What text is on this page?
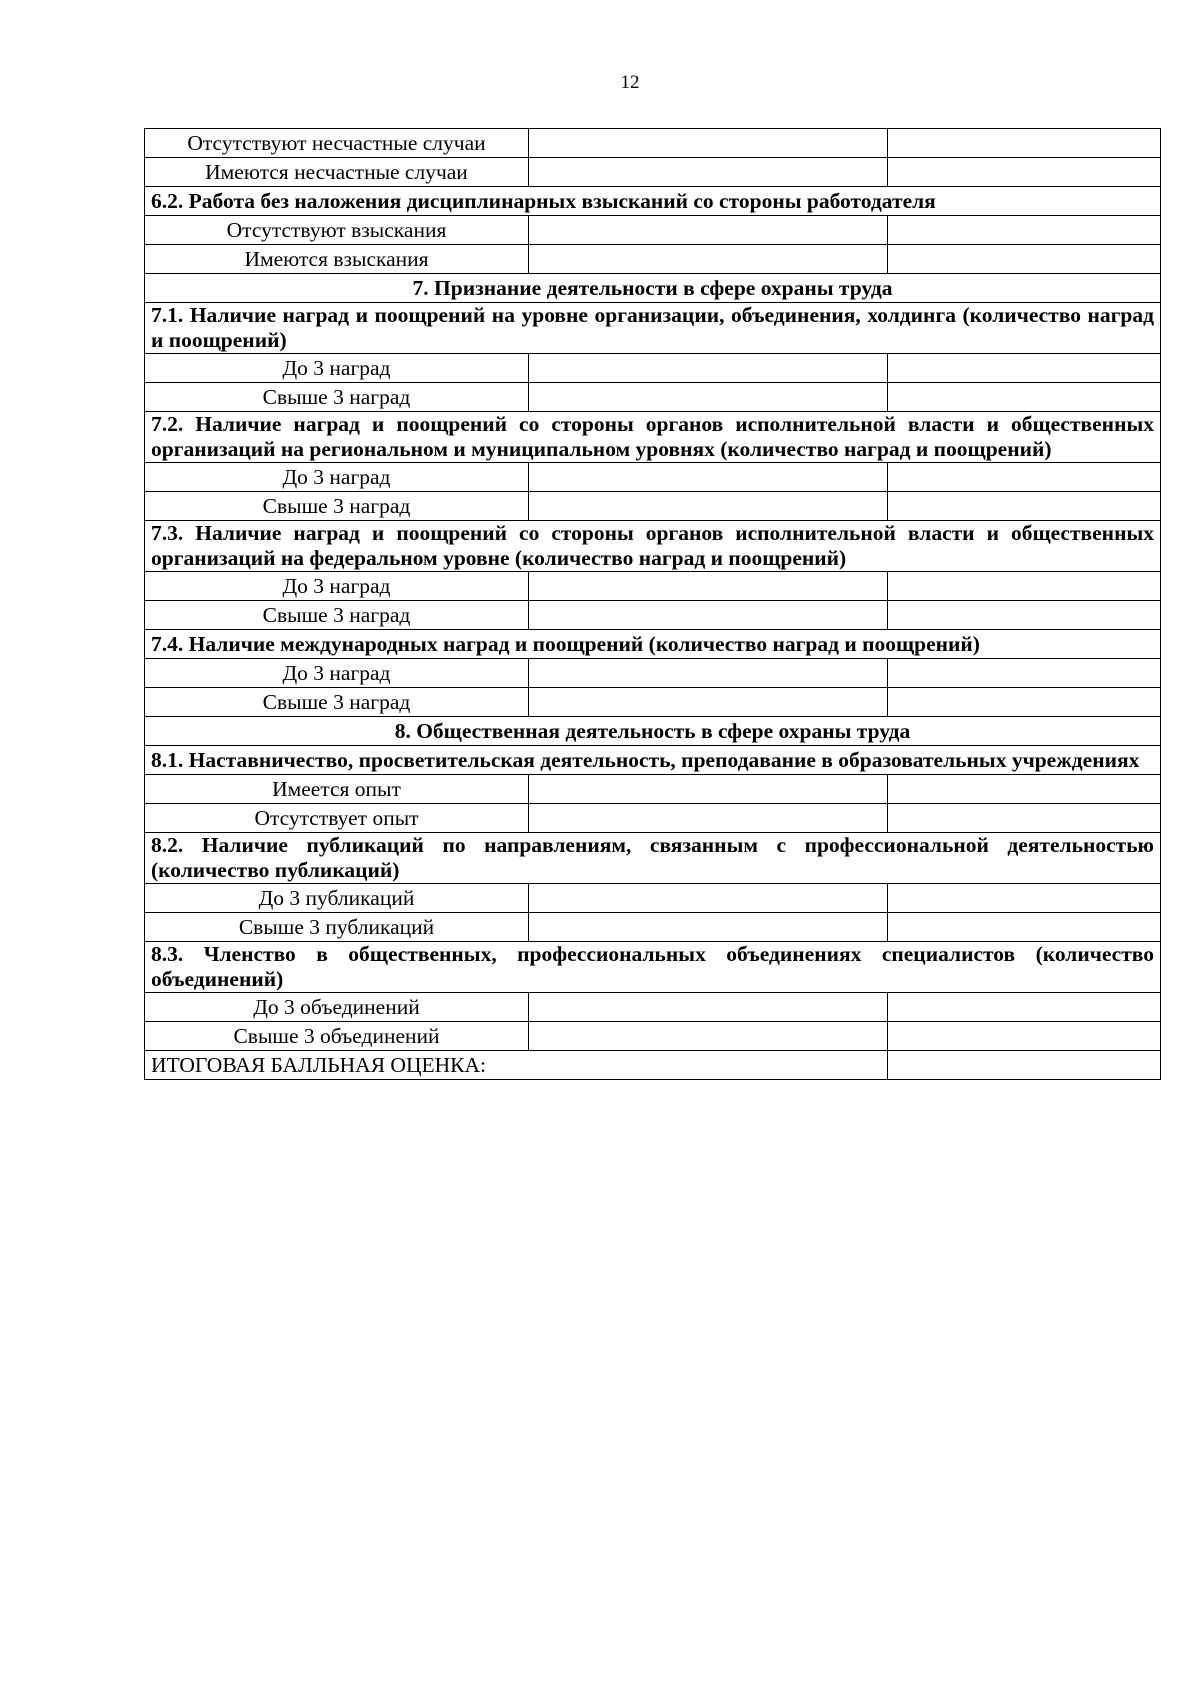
12
Отсутствуют несчастные случаи		
Имеются несчастные случаи		
6.2. Работа без наложения дисциплинарных взысканий со стороны работодателя		
Отсутствуют взыскания		
Имеются взыскания		
7. Признание деятельности в сфере охраны труда		
7.1. Наличие наград и поощрений на уровне организации, объединения, холдинга (количество наград и поощрений)		
До 3 наград		
Свыше 3 наград		
7.2. Наличие наград и поощрений со стороны органов исполнительной власти и общественных организаций на региональном и муниципальном уровнях (количество наград и поощрений)		
До 3 наград		
Свыше 3 наград		
7.3. Наличие наград и поощрений со стороны органов исполнительной власти и общественных организаций на федеральном уровне (количество наград и поощрений)		
До 3 наград		
Свыше 3 наград		
7.4. Наличие международных наград и поощрений (количество наград и поощрений)		
До 3 наград		
Свыше 3 наград		
8. Общественная деятельность в сфере охраны труда		
8.1. Наставничество, просветительская деятельность, преподавание в образовательных учреждениях		
Имеется опыт		
Отсутствует опыт		
8.2. Наличие публикаций по направлениям, связанным с профессиональной деятельностью (количество публикаций)		
До 3 публикаций		
Свыше 3 публикаций		
8.3. Членство в общественных, профессиональных объединениях специалистов (количество объединений)		
До 3 объединений		
Свыше 3 объединений		
ИТОГОВАЯ БАЛЛЬНАЯ ОЦЕНКА:		
